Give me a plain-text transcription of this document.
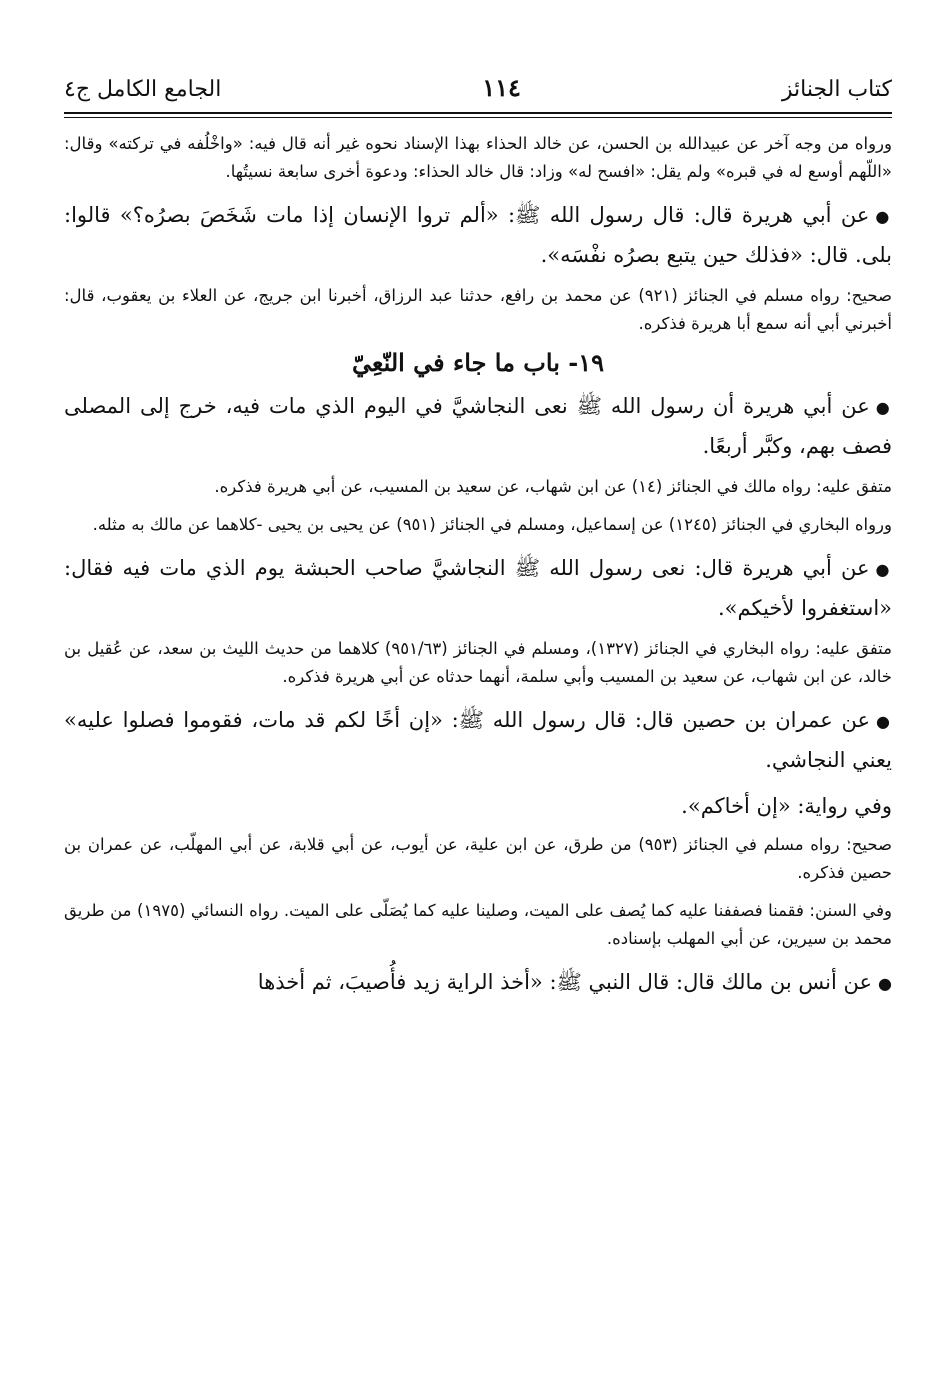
كتاب الجنائز
١١٤
الجامع الكامل ج٤

ورواه من وجه آخر عن عبيدالله بن الحسن، عن خالد الحذاء بهذا الإسناد نحوه غير أنه قال فيه: «واخْلُفه في تركته» وقال: «اللّهم أوسع له في قبره» ولم يقل: «افسح له» وزاد: قال خالد الحذاء: ودعوة أخرى سابعة نسيتُها.

●عن أبي هريرة قال: قال رسول الله ﷺ: «ألم تروا الإنسان إذا مات شَخَصَ بصرُه؟» قالوا: بلى. قال: «فذلك حين يتبع بصرُه نفْسَه».

صحيح: رواه مسلم في الجنائز (٩٢١) عن محمد بن رافع، حدثنا عبد الرزاق، أخبرنا ابن جريج، عن العلاء بن يعقوب، قال: أخبرني أبي أنه سمع أبا هريرة فذكره.

١٩- باب ما جاء في النّعِيّ

●عن أبي هريرة أن رسول الله ﷺ نعى النجاشيَّ في اليوم الذي مات فيه، خرج إلى المصلى فصف بهم، وكبَّر أربعًا.

متفق عليه: رواه مالك في الجنائز (١٤) عن ابن شهاب، عن سعيد بن المسيب، عن أبي هريرة فذكره.

ورواه البخاري في الجنائز (١٢٤٥) عن إسماعيل، ومسلم في الجنائز (٩٥١) عن يحيى بن يحيى -كلاهما عن مالك به مثله.

●عن أبي هريرة قال: نعى رسول الله ﷺ النجاشيَّ صاحب الحبشة يوم الذي مات فيه فقال: «استغفروا لأخيكم».

متفق عليه: رواه البخاري في الجنائز (١٣٢٧)، ومسلم في الجنائز (٩٥١/٦٣) كلاهما من حديث الليث بن سعد، عن عُقيل بن خالد، عن ابن شهاب، عن سعيد بن المسيب وأبي سلمة، أنهما حدثاه عن أبي هريرة فذكره.

●عن عمران بن حصين قال: قال رسول الله ﷺ: «إن أخًا لكم قد مات، فقوموا فصلوا عليه» يعني النجاشي.

وفي رواية: «إن أخاكم».

صحيح: رواه مسلم في الجنائز (٩٥٣) من طرق، عن ابن علية، عن أيوب، عن أبي قلابة، عن أبي المهلّب، عن عمران بن حصين فذكره.

وفي السنن: فقمنا فصففنا عليه كما يُصف على الميت، وصلينا عليه كما يُصَلّى على الميت. رواه النسائي (١٩٧٥) من طريق محمد بن سيرين، عن أبي المهلب بإسناده.

●عن أنس بن مالك قال: قال النبي ﷺ: «أخذ الراية زيد فأُصيبَ، ثم أخذها
